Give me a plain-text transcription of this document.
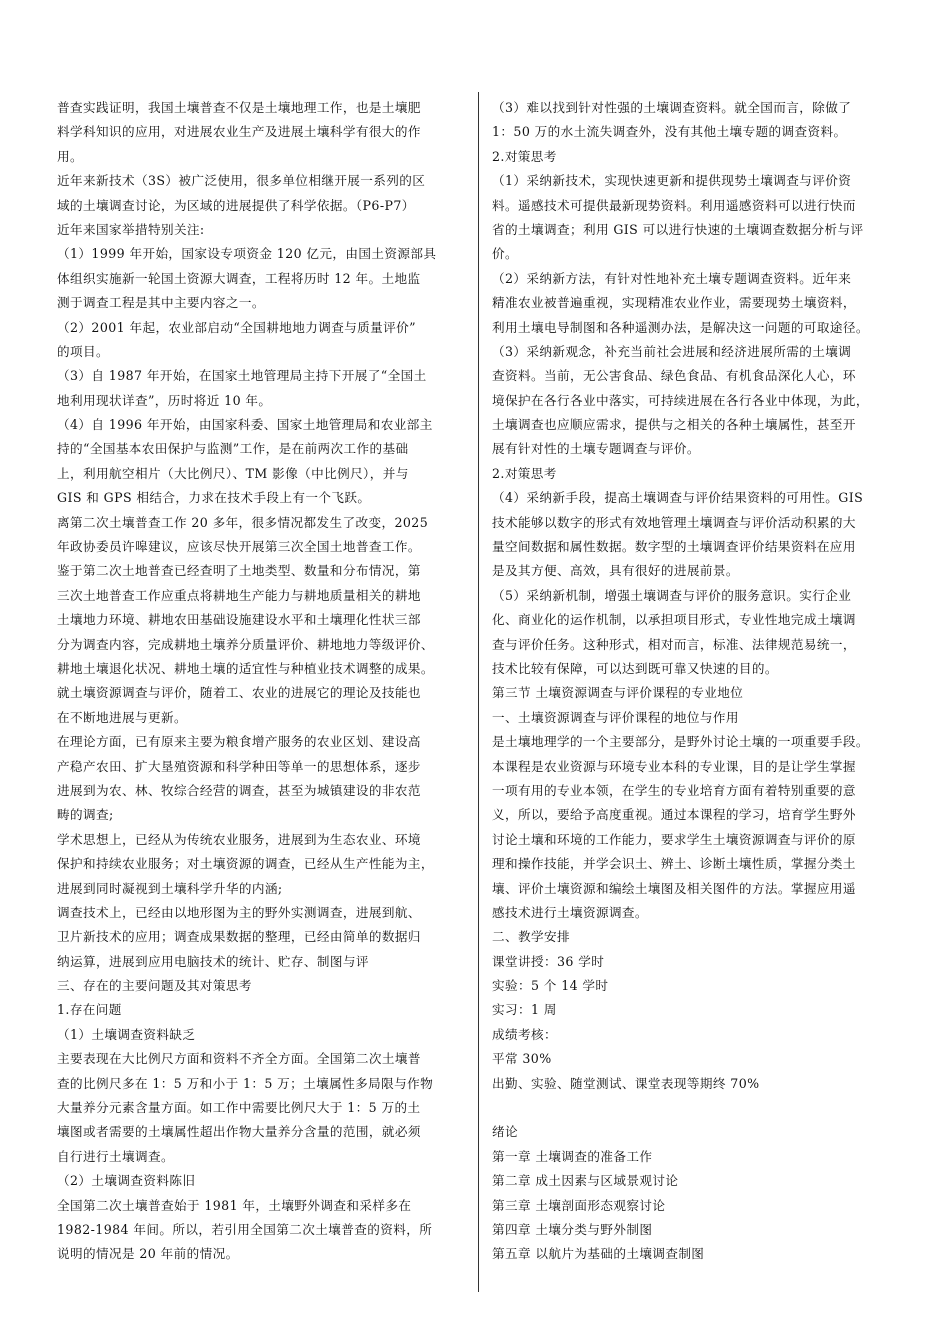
普查实践证明，我国土壤普查不仅是土壤地理工作，也是土壤肥
料学科知识的应用，对进展农业生产及进展土壤科学有很大的作
用。
近年来新技术（3S）被广泛使用，很多单位相继开展一系列的区
域的土壤调查讨论，为区域的进展提供了科学依据。（P6-P7）
近年来国家举措特别关注:
（1）1999 年开始，国家设专项资金 120 亿元，由国土资源部具
体组织实施新一轮国土资源大调查，工程将历时 12 年。土地监
测于调查工程是其中主要内容之一。
（2）2001 年起，农业部启动“全国耕地地力调查与质量评价”
的项目。
（3）自 1987 年开始，在国家土地管理局主持下开展了“全国土
地利用现状详查”，历时将近 10 年。
（4）自 1996 年开始，由国家科委、国家土地管理局和农业部主
持的“全国基本农田保护与监测”工作，是在前两次工作的基础
上，利用航空相片（大比例尺）、TM 影像（中比例尺），并与
GIS 和 GPS 相结合，力求在技术手段上有一个飞跃。
离第二次土壤普查工作 20 多年，很多情况都发生了改变，2025
年政协委员许嗥建议，应该尽快开展第三次全国土地普查工作。
鉴于第二次土地普查已经查明了土地类型、数量和分布情况，第
三次土地普查工作应重点将耕地生产能力与耕地质量相关的耕地
土壤地力环境、耕地农田基础设施建设水平和土壤理化性状三部
分为调查内容，完成耕地土壤养分质量评价、耕地地力等级评价、
耕地土壤退化状况、耕地土壤的适宜性与种植业技术调整的成果。
就土壤资源调查与评价，随着工、农业的进展它的理论及技能也
在不断地进展与更新。
在理论方面，已有原来主要为粮食增产服务的农业区划、建设高
产稳产农田、扩大垦殖资源和科学种田等单一的思想体系，逐步
进展到为农、林、牧综合经营的调查，甚至为城镇建设的非农范
畴的调查;
学术思想上，已经从为传统农业服务，进展到为生态农业、环境
保护和持续农业服务；对土壤资源的调查，已经从生产性能为主，
进展到同时凝视到土壤科学升华的内涵;
调查技术上，已经由以地形图为主的野外实测调查，进展到航、
卫片新技术的应用；调查成果数据的整理，已经由简单的数据归
纳运算，进展到应用电脑技术的统计、贮存、制图与评
三、存在的主要问题及其对策思考
1.存在问题
（1）土壤调查资料缺乏
主要表现在大比例尺方面和资料不齐全方面。全国第二次土壤普
查的比例尺多在 1：5 万和小于 1：5 万；土壤属性多局限与作物
大量养分元素含量方面。如工作中需要比例尺大于 1：5 万的土
壤图或者需要的土壤属性超出作物大量养分含量的范围，就必须
自行进行土壤调查。
（2）土壤调查资料陈旧
全国第二次土壤普查始于 1981 年，土壤野外调查和采样多在
1982-1984 年间。所以，若引用全国第二次土壤普查的资料，所
说明的情况是 20 年前的情况。
（3）难以找到针对性强的土壤调查资料。就全国而言，除做了
1：50 万的水土流失调查外，没有其他土壤专题的调查资料。
2.对策思考
（1）采纳新技术，实现快速更新和提供现势土壤调查与评价资
料。遥感技术可提供最新现势资料。利用遥感资料可以进行快而
省的土壤调查；利用 GIS 可以进行快速的土壤调查数据分析与评
价。
（2）采纳新方法，有针对性地补充土壤专题调查资料。近年来
精准农业被普遍重视，实现精准农业作业，需要现势土壤资料，
利用土壤电导制图和各种遥测办法，是解决这一问题的可取途径。
（3）采纳新观念，补充当前社会进展和经济进展所需的土壤调
查资料。当前，无公害食品、绿色食品、有机食品深化人心，环
境保护在各行各业中落实，可持续进展在各行各业中体现，为此，
土壤调查也应顺应需求，提供与之相关的各种土壤属性，甚至开
展有针对性的土壤专题调查与评价。
2.对策思考
（4）采纳新手段，提高土壤调查与评价结果资料的可用性。GIS
技术能够以数字的形式有效地管理土壤调查与评价活动积累的大
量空间数据和属性数据。数字型的土壤调查评价结果资料在应用
是及其方便、高效，具有很好的进展前景。
（5）采纳新机制，增强土壤调查与评价的服务意识。实行企业
化、商业化的运作机制，以承担项目形式，专业性地完成土壤调
查与评价任务。这种形式，相对而言，标准、法律规范易统一，
技术比较有保障，可以达到既可靠又快速的目的。
第三节 土壤资源调查与评价课程的专业地位
一、土壤资源调查与评价课程的地位与作用
是土壤地理学的一个主要部分，是野外讨论土壤的一项重要手段。
本课程是农业资源与环境专业本科的专业课，目的是让学生掌握
一项有用的专业本领，在学生的专业培育方面有着特别重要的意
义，所以，要给予高度重视。通过本课程的学习，培育学生野外
讨论土壤和环境的工作能力，要求学生土壤资源调查与评价的原
理和操作技能，并学会识土、辨土、诊断土壤性质，掌握分类土
壤、评价土壤资源和编绘土壤图及相关图件的方法。掌握应用遥
感技术进行土壤资源调查。
二、教学安排
课堂讲授：36 学时
实验：5 个 14 学时
实习：1 周
成绩考核：
平常 30%
出勤、实验、随堂测试、课堂表现等期终 70%
绪论
第一章 土壤调查的准备工作
第二章 成土因素与区域景观讨论
第三章 土壤剖面形态观察讨论
第四章 土壤分类与野外制图
第五章 以航片为基础的土壤调查制图
